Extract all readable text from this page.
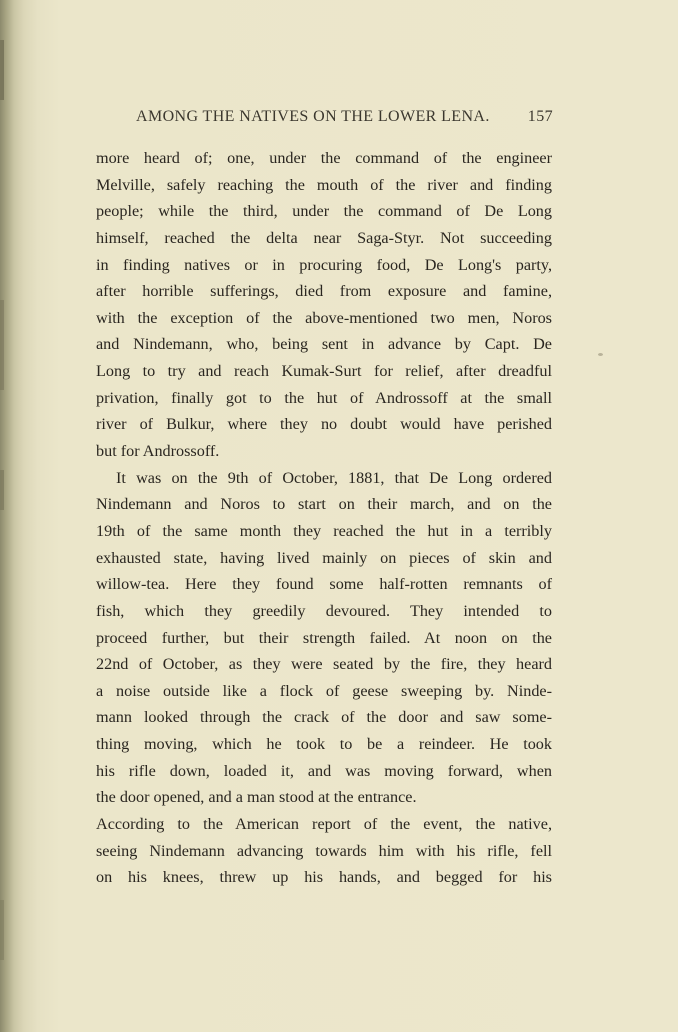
AMONG THE NATIVES ON THE LOWER LENA. 157
more heard of; one, under the command of the engineer
Melville, safely reaching the mouth of the river and finding
people; while the third, under the command of De Long
himself, reached the delta near Saga-Styr. Not succeeding
in finding natives or in procuring food, De Long's party,
after horrible sufferings, died from exposure and famine,
with the exception of the above-mentioned two men, Noros
and Nindemann, who, being sent in advance by Capt. De
Long to try and reach Kumak-Surt for relief, after dreadful
privation, finally got to the hut of Androssoff at the small
river of Bulkur, where they no doubt would have perished
but for Androssoff.
It was on the 9th of October, 1881, that De Long ordered
Nindemann and Noros to start on their march, and on the
19th of the same month they reached the hut in a terribly
exhausted state, having lived mainly on pieces of skin and
willow-tea. Here they found some half-rotten remnants of
fish, which they greedily devoured. They intended to
proceed further, but their strength failed. At noon on the
22nd of October, as they were seated by the fire, they heard
a noise outside like a flock of geese sweeping by. Ninde-
mann looked through the crack of the door and saw some-
thing moving, which he took to be a reindeer. He took
his rifle down, loaded it, and was moving forward, when
the door opened, and a man stood at the entrance.
According to the American report of the event, the native,
seeing Nindemann advancing towards him with his rifle, fell
on his knees, threw up his hands, and begged for his
